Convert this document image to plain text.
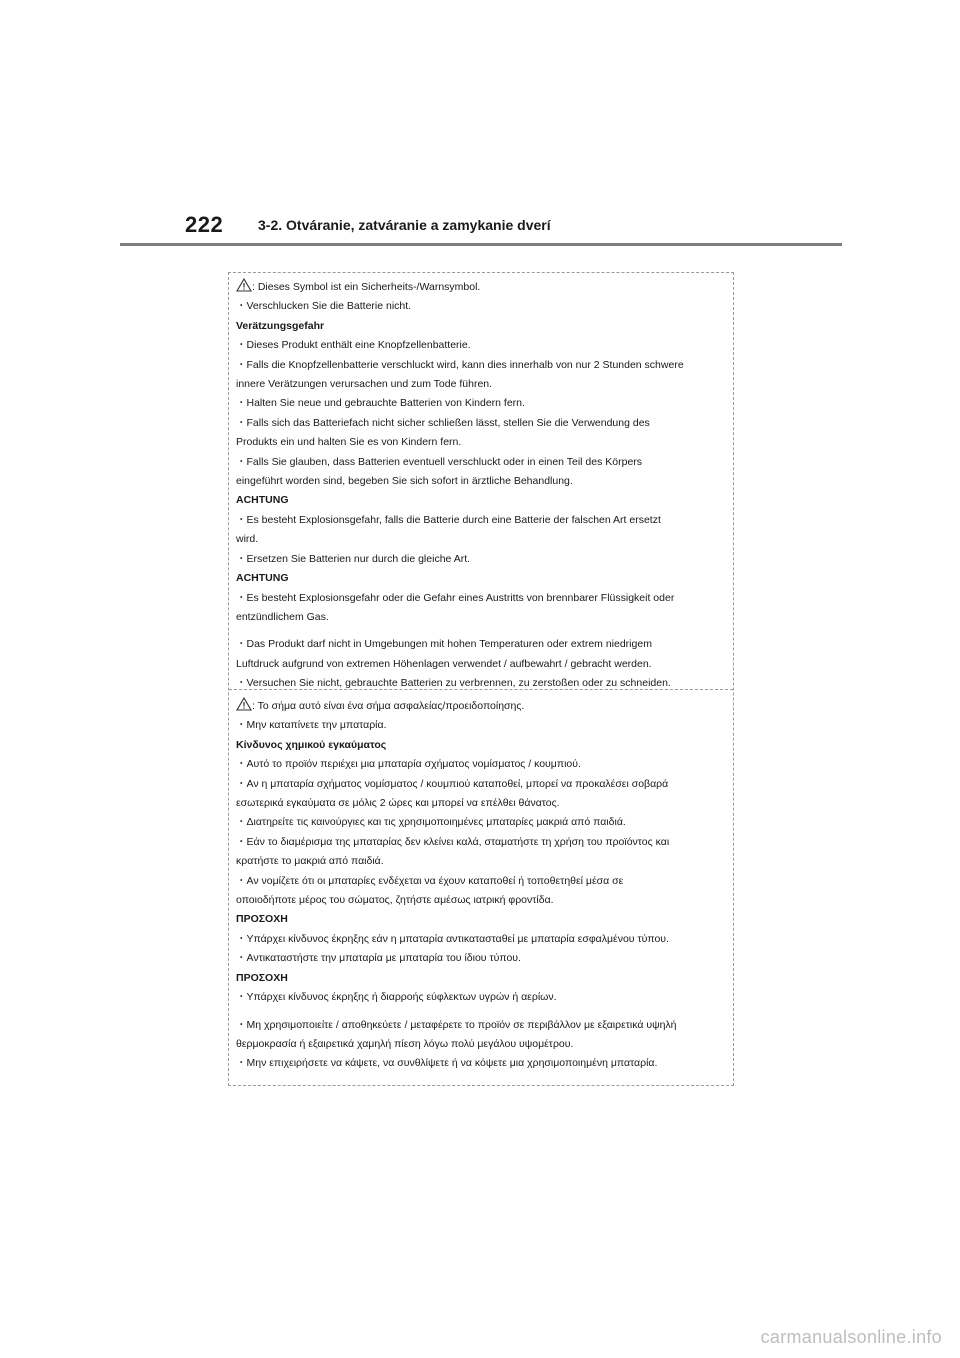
222 3-2. Otváranie, zatváranie a zamykanie dverí
: Dieses Symbol ist ein Sicherheits-/Warnsymbol.
・Verschlucken Sie die Batterie nicht.
Verätzungsgefahr
・Dieses Produkt enthält eine Knopfzellenbatterie.
・Falls die Knopfzellenbatterie verschluckt wird, kann dies innerhalb von nur 2 Stunden schwere
innere Verätzungen verursachen und zum Tode führen.
・Halten Sie neue und gebrauchte Batterien von Kindern fern.
・Falls sich das Batteriefach nicht sicher schließen lässt, stellen Sie die Verwendung des
Produkts ein und halten Sie es von Kindern fern.
・Falls Sie glauben, dass Batterien eventuell verschluckt oder in einen Teil des Körpers
eingeführt worden sind, begeben Sie sich sofort in ärztliche Behandlung.
ACHTUNG
・Es besteht Explosionsgefahr, falls die Batterie durch eine Batterie der falschen Art ersetzt
wird.
・Ersetzen Sie Batterien nur durch die gleiche Art.
ACHTUNG
・Es besteht Explosionsgefahr oder die Gefahr eines Austritts von brennbarer Flüssigkeit oder
entzündlichem Gas.
・Das Produkt darf nicht in Umgebungen mit hohen Temperaturen oder extrem niedrigem
Luftdruck aufgrund von extremen Höhenlagen verwendet / aufbewahrt / gebracht werden.
・Versuchen Sie nicht, gebrauchte Batterien zu verbrennen, zu zerstoßen oder zu schneiden.
: Το σήμα αυτό είναι ένα σήμα ασφαλείας/προειδοποίησης.
・Μην καταπίνετε την μπαταρία.
Κίνδυνος χημικού εγκαύματος
・Αυτό το προϊόν περιέχει μια μπαταρία σχήματος νομίσματος / κουμπιού.
・Αν η μπαταρία σχήματος νομίσματος / κουμπιού καταποθεί, μπορεί να προκαλέσει σοβαρά
εσωτερικά εγκαύματα σε μόλις 2 ώρες και μπορεί να επέλθει θάνατος.
・Διατηρείτε τις καινούργιες και τις χρησιμοποιημένες μπαταρίες μακριά από παιδιά.
・Εάν το διαμέρισμα της μπαταρίας δεν κλείνει καλά, σταματήστε τη χρήση του προϊόντος και
κρατήστε το μακριά από παιδιά.
・Αν νομίζετε ότι οι μπαταρίες ενδέχεται να έχουν καταποθεί ή τοποθετηθεί μέσα σε
οποιοδήποτε μέρος του σώματος, ζητήστε αμέσως ιατρική φροντίδα.
ΠΡΟΣΟΧΗ
・Υπάρχει κίνδυνος έκρηξης εάν η μπαταρία αντικατασταθεί με μπαταρία εσφαλμένου τύπου.
・Αντικαταστήστε την μπαταρία με μπαταρία του ίδιου τύπου.
ΠΡΟΣΟΧΗ
・Υπάρχει κίνδυνος έκρηξης ή διαρροής εύφλεκτων υγρών ή αερίων.
・Μη χρησιμοποιείτε / αποθηκεύετε / μεταφέρετε το προϊόν σε περιβάλλον με εξαιρετικά υψηλή
θερμοκρασία ή εξαιρετικά χαμηλή πίεση λόγω πολύ μεγάλου υψομέτρου.
・Μην επιχειρήσετε να κάψετε, να συνθλίψετε ή να κόψετε μια χρησιμοποιημένη μπαταρία.
carmanualsonline.info
